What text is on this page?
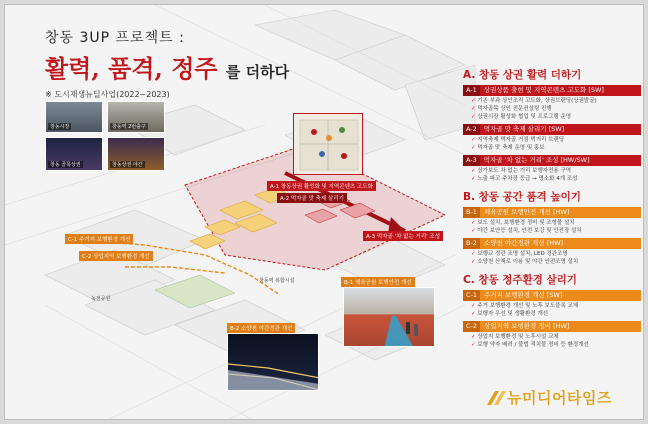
창동 3UP 프로젝트 :
활력, 품격, 정주 를 더하다
※ 도시재생뉴딜사업(2022~2023)
창동시장	창동역 2번출구
창동 골목상권	창동상권 야간
A-1 창동상권 활성화 및 지역콘텐츠 고도화
A-2 먹자골 맛 축제 살리기
A-3 먹자골 '차 없는 거리' 조성
C-1 주거지 보행환경 개선
C-2 상업지역 보행환경 개선
B-1 체육공원 보행안전 개선
B-2 소양천 야간경관 개선
녹천공원
창동역 복합시설
A. 창동 상권 활력 더하기
A-1	상권상품 출현 및 지역콘텐츠 고도화 [SW]
✓ 기존 부과 상인조직 고도화, 상권브랜딩(상권발굴)
✓ 먹자골목 상인 전문컨설팅 진행
✓ 상권시장 활성화 협업 및 프로그램 운영
A-2	먹자골 맛 축제 살리기 [SW]
✓ 지역축제 먹자골 거점 먹거리 브랜딩
✓ 먹자골 맛 축제 운영 및 홍보
A-3	먹자골 '차 없는 거리' 조성 [HW/SW]
✓ 상가보도 차 없는 거리 보행자전용 구역
✓ 노출 파고 주차장 등급 → 명소화 4개 조성
B. 창동 공간 품격 높이기
B-1	체육공원 보행안전 개선 [HW]
✓ 보도 설치, 보행환경 정비 및 조형물 설치
✓ 야간 보안등 설치, 안전 보강 및 안전장 설치
B-2	소양천 야간경관 개선 [HW]
✓ 보행교 경관 조명 설치, LED 경관조명
✓ 소양천 산책로 이용 및 야간 안전조명 설치
C. 창동 정주환경 살리기
C-1	주거지 보행환경 개선 [SW]
✓ 주거 보행환경 개선 및 노후 보도블록 교체
✓ 보행자 우선 및 생활환경 개선
C-2	상업지역 보행환경 정비 [HW]
✓ 상업지 보행환경 및 노후시설 교체
✓ 보행 약자 배려 / 불법 적치물 정비 등 환경개선
뉴미디어타임즈
